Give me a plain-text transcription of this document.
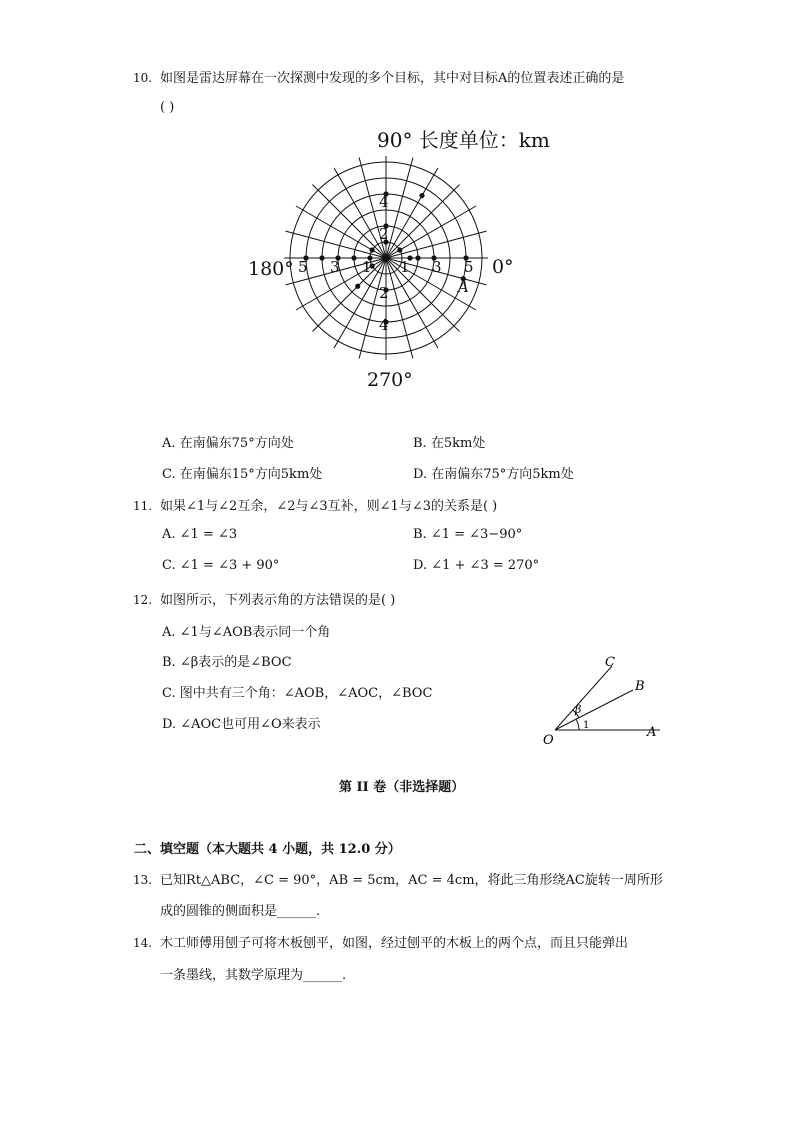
10. 如图是雷达屏幕在一次探测中发现的多个目标，其中对目标A的位置表述正确的是
( )
90° 长度单位：km
180°	0°
270°
1 3 5
1
3
5
2
4
2
4
A
A. 在南偏东75°方向处	B. 在5km处
C. 在南偏东15°方向5km处	D. 在南偏东75°方向5km处
11. 如果∠1与∠2互余，∠2与∠3互补，则∠1与∠3的关系是( )
A. ∠1 = ∠3	B. ∠1 = ∠3−90°
C. ∠1 = ∠3 + 90°	D. ∠1 + ∠3 = 270°
12. 如图所示，下列表示角的方法错误的是( )
A. ∠1与∠AOB表示同一个角
B. ∠β表示的是∠BOC
C. 图中共有三个角：∠AOB，∠AOC，∠BOC
D. ∠AOC也可用∠O来表示
O
A
B
C
β
1
第 II 卷（非选择题）
二、填空题（本大题共 4 小题，共 12.0 分）
13. 已知Rt△ABC，∠C = 90°，AB = 5cm，AC = 4cm，将此三角形绕AC旋转一周所形
成的圆锥的侧面积是______.
14. 木工师傅用刨子可将木板刨平，如图，经过刨平的木板上的两个点，而且只能弹出
一条墨线，其数学原理为______.
